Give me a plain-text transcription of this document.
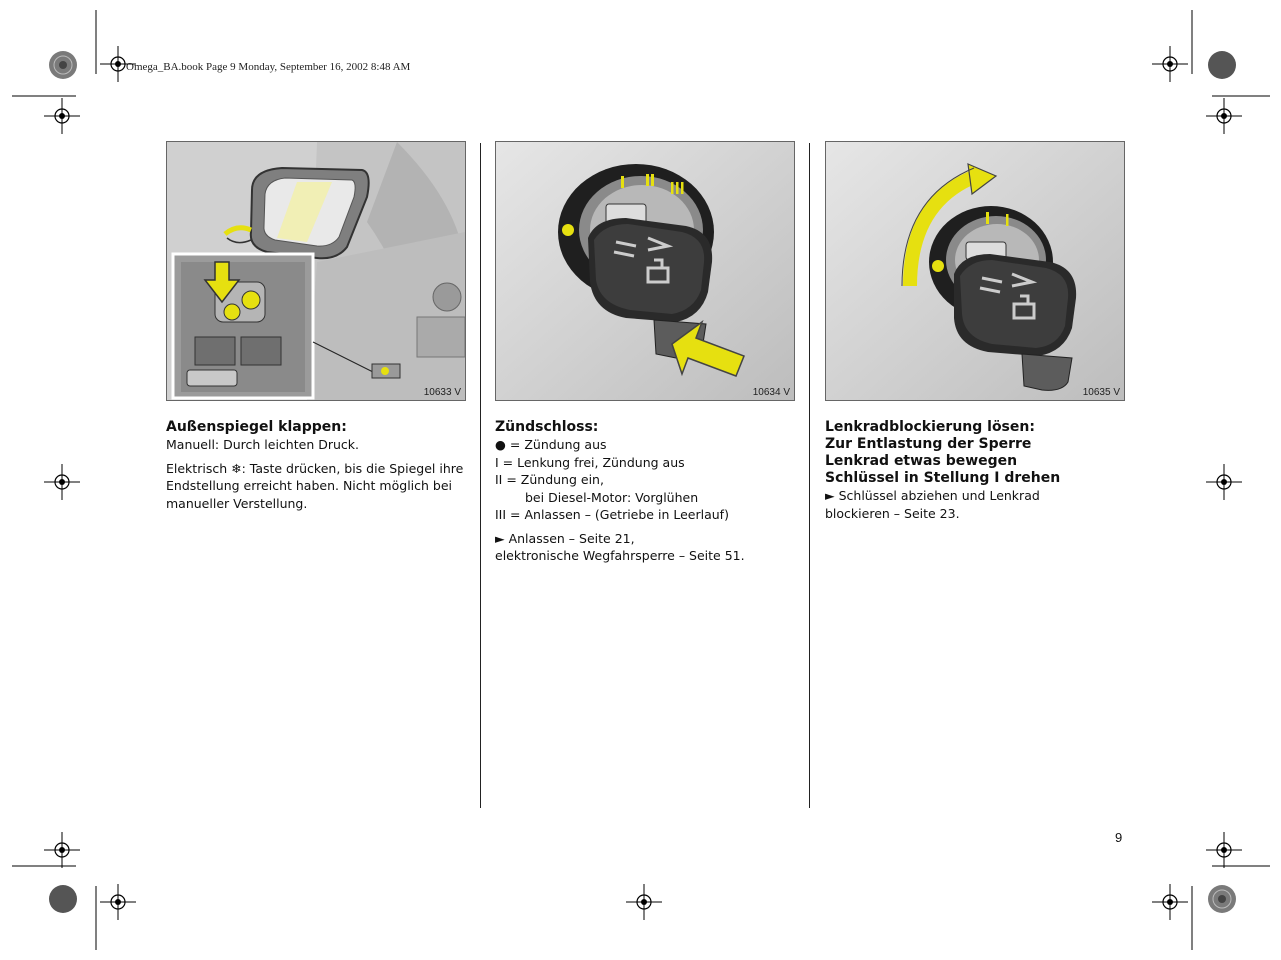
Omega_BA.book Page 9 Monday, September 16, 2002 8:48 AM
10633 V
Außenspiegel klappen:
Manuell: Durch leichten Druck.
Elektrisch ❄: Taste drücken, bis die Spiegel ihre Endstellung erreicht haben. Nicht möglich bei manueller Verstellung.
10634 V
Zündschloss:
● = Zündung aus
I = Lenkung frei, Zündung aus
II = Zündung ein,
bei Diesel-Motor: Vorglühen
III = Anlassen – (Getriebe in Leerlauf)
► Anlassen – Seite 21,
elektronische Wegfahrsperre – Seite 51.
10635 V
Lenkradblockierung lösen:
Zur Entlastung der Sperre
Lenkrad etwas bewegen
Schlüssel in Stellung I drehen
► Schlüssel abziehen und Lenkrad
blockieren – Seite 23.
9
